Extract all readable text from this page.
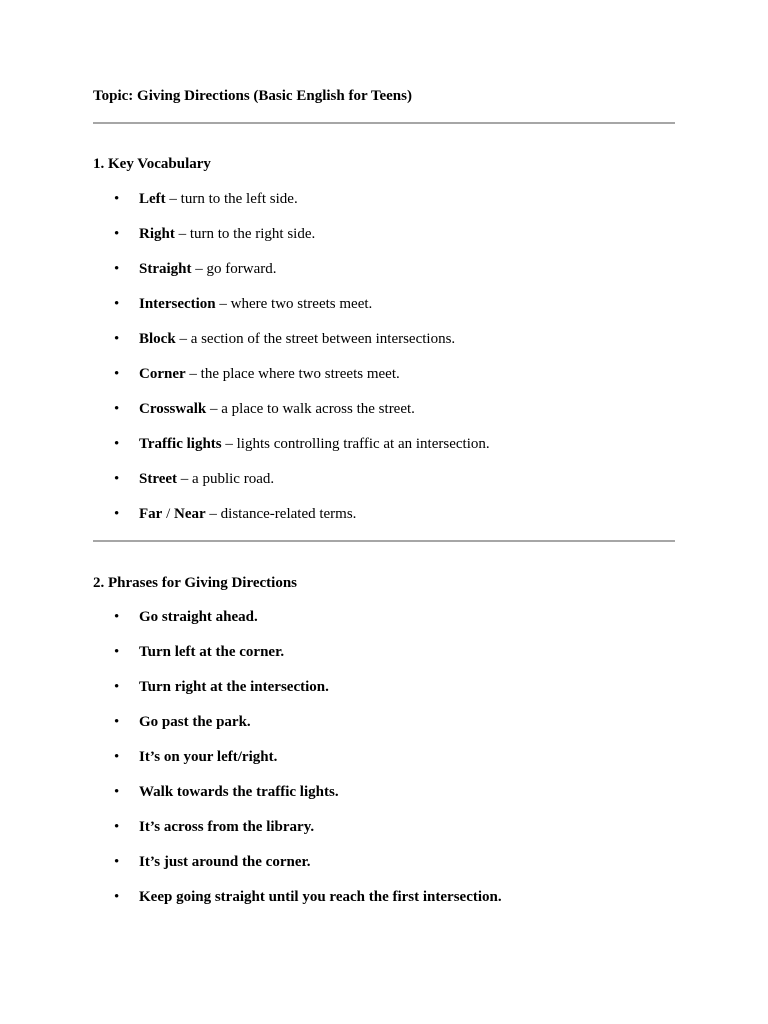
Topic: Giving Directions (Basic English for Teens)
1. Key Vocabulary
• Left – turn to the left side.
• Right – turn to the right side.
• Straight – go forward.
• Intersection – where two streets meet.
• Block – a section of the street between intersections.
• Corner – the place where two streets meet.
• Crosswalk – a place to walk across the street.
• Traffic lights – lights controlling traffic at an intersection.
• Street – a public road.
• Far / Near – distance-related terms.
2. Phrases for Giving Directions
• Go straight ahead.
• Turn left at the corner.
• Turn right at the intersection.
• Go past the park.
• It’s on your left/right.
• Walk towards the traffic lights.
• It’s across from the library.
• It’s just around the corner.
• Keep going straight until you reach the first intersection.
